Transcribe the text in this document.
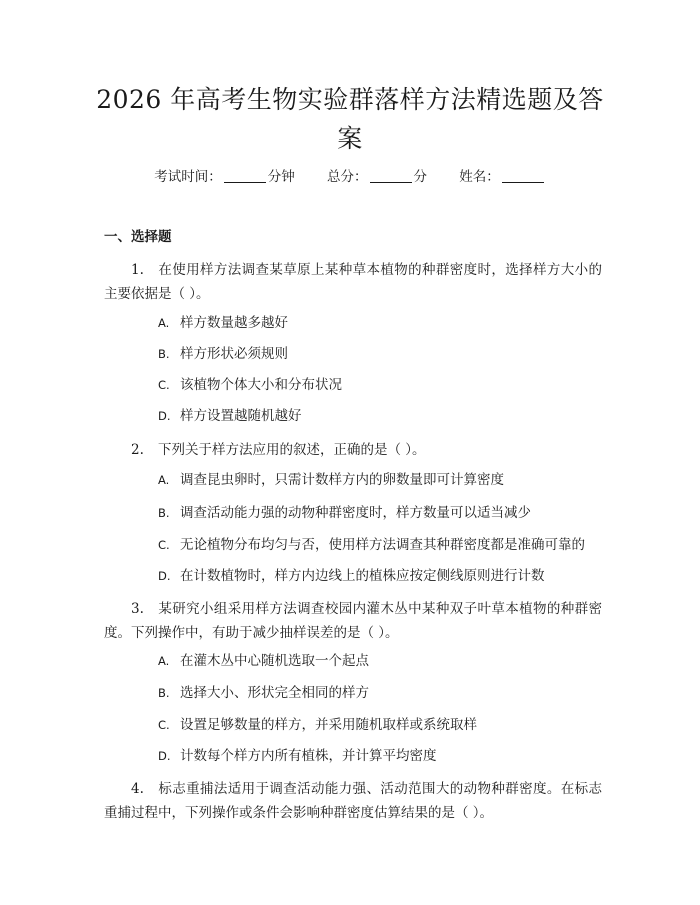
2026 年高考生物实验群落样方法精选题及答案
考试时间：	分钟 总分：	分 姓名：
一、选择题

1. 在使用样方法调查某草原上某种草本植物的种群密度时，选择样方大小的主要依据是（ ）。

A. 样方数量越多越好

B. 样方形状必须规则

C. 该植物个体大小和分布状况

D. 样方设置越随机越好

2. 下列关于样方法应用的叙述，正确的是（ ）。

A. 调查昆虫卵时，只需计数样方内的卵数量即可计算密度

B. 调查活动能力强的动物种群密度时，样方数量可以适当减少

C. 无论植物分布均匀与否，使用样方法调查其种群密度都是准确可靠的

D. 在计数植物时，样方内边线上的植株应按定侧线原则进行计数

3. 某研究小组采用样方法调查校园内灌木丛中某种双子叶草本植物的种群密度。下列操作中，有助于减少抽样误差的是（ ）。

A. 在灌木丛中心随机选取一个起点

B. 选择大小、形状完全相同的样方

C. 设置足够数量的样方，并采用随机取样或系统取样

D. 计数每个样方内所有植株，并计算平均密度

4. 标志重捕法适用于调查活动能力强、活动范围大的动物种群密度。在标志重捕过程中，下列操作或条件会影响种群密度估算结果的是（ ）。
